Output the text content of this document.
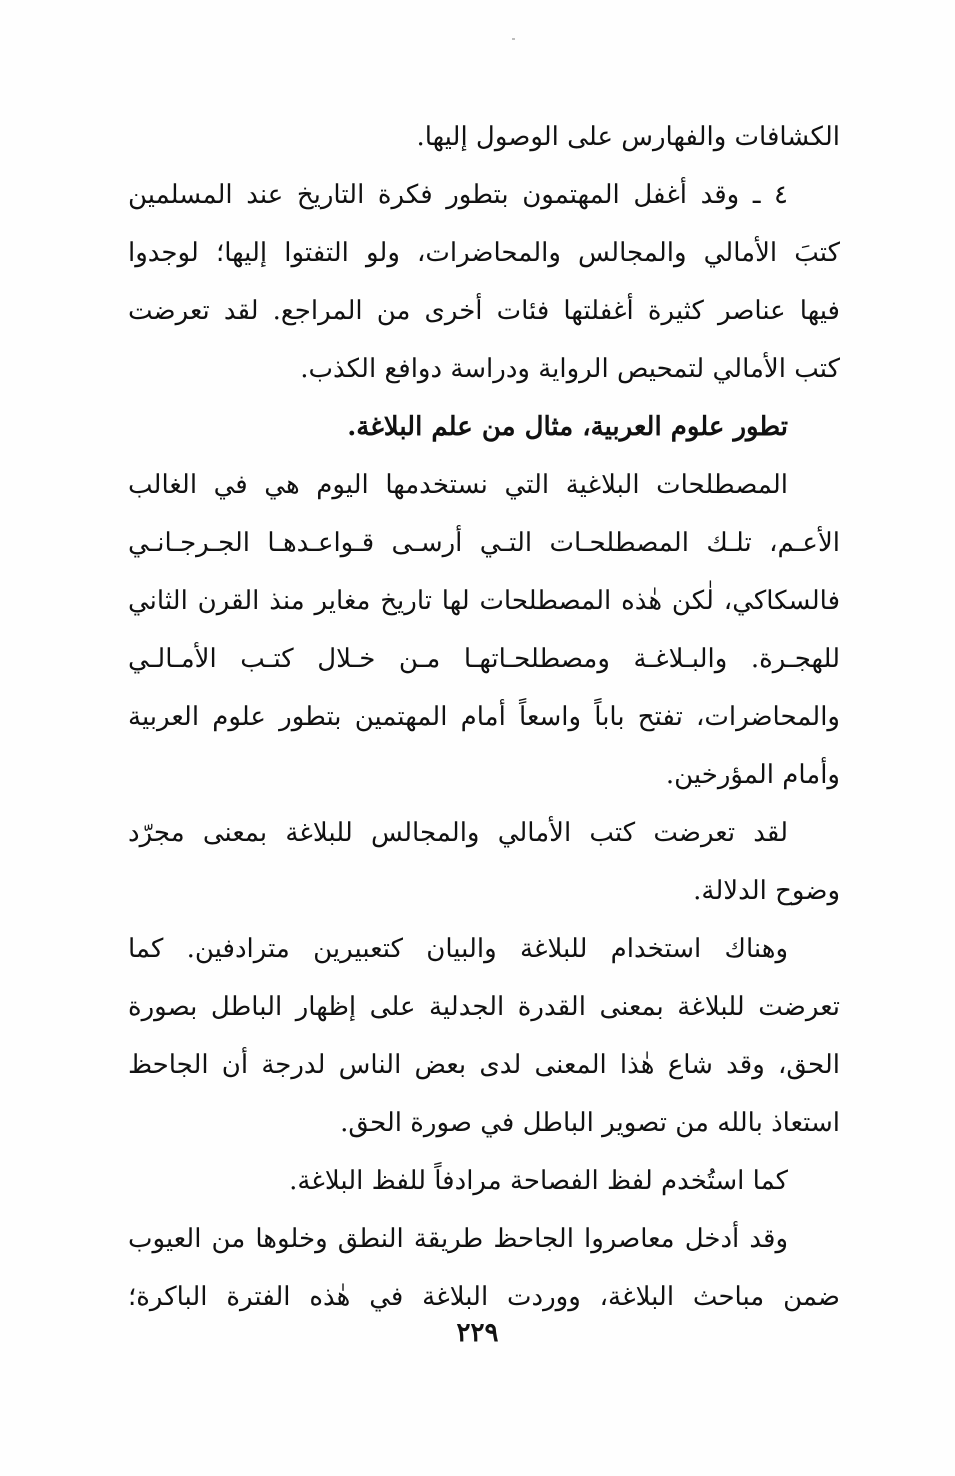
الكشافات والفهارس على الوصول إليها.
٤ ـ وقد أغفل المهتمون بتطور فكرة التاريخ عند المسلمين
كتبَ الأمالي والمجالس والمحاضرات، ولو التفتوا إليها؛ لوجدوا
فيها عناصر كثيرة أغفلتها فئات أخرى من المراجع. لقد تعرضت
كتب الأمالي لتمحيص الرواية ودراسة دوافع الكذب.
تطور علوم العربية، مثال من علم البلاغة.
المصطلحات البلاغية التي نستخدمها اليوم هي في الغالب
الأعـم، تلـك المصطلحـات التـي أرسـى قـواعـدهـا الجـرجـانـي
فالسكاكي، لٰكن هٰذه المصطلحات لها تاريخ مغاير منذ القرن الثاني
للهجـرة. والبـلاغـة ومصطلحـاتهـا مـن خـلال كتـب الأمـالـي
والمحاضرات، تفتح باباً واسعاً أمام المهتمين بتطور علوم العربية
وأمام المؤرخين.
لقد تعرضت كتب الأمالي والمجالس للبلاغة بمعنى مجرّد
وضوح الدلالة.
وهناك استخدام للبلاغة والبيان كتعبيرين مترادفين. كما
تعرضت للبلاغة بمعنى القدرة الجدلية على إظهار الباطل بصورة
الحق، وقد شاع هٰذا المعنى لدى بعض الناس لدرجة أن الجاحظ
استعاذ بالله من تصوير الباطل في صورة الحق.
كما استُخدم لفظ الفصاحة مرادفاً للفظ البلاغة.
وقد أدخل معاصروا الجاحظ طريقة النطق وخلوها من العيوب
ضمن مباحث البلاغة، ووردت البلاغة في هٰذه الفترة الباكرة؛
٢٢٩
